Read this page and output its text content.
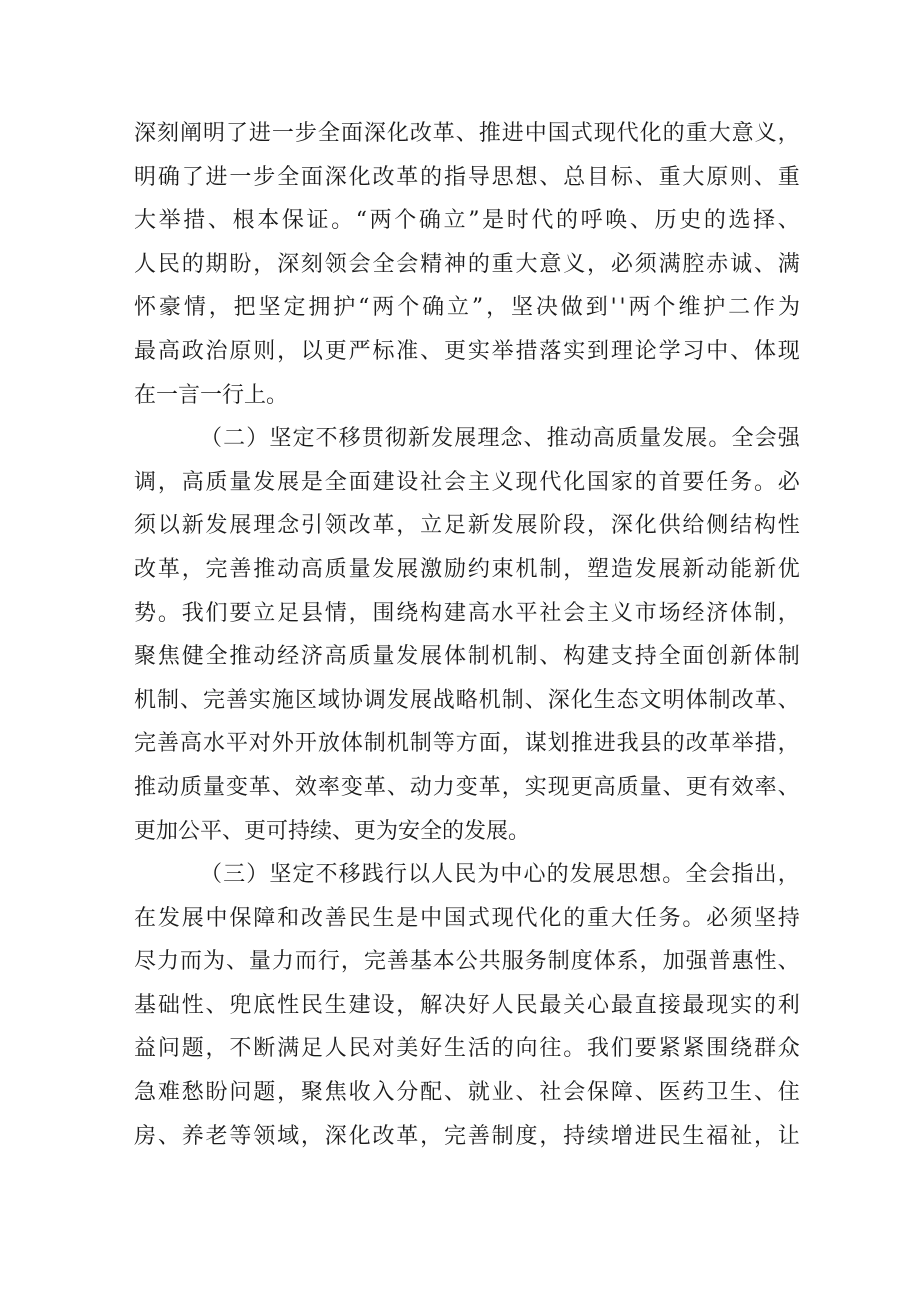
深 刻 阐 明 了 进 一 步 全 面 深 化 改 革 、 推 进 中 国 式 现 代 化 的 重 大 意 义 ，
明 确 了 进 一 步 全 面 深 化 改 革 的 指 导 思 想 、 总 目 标 、 重 大 原 则 、 重
大 举 措 、 根 本 保 证 。 “ 两 个 确 立 ” 是 时 代 的 呼 唤 、 历 史 的 选 择 、
人 民 的 期 盼 ， 深 刻 领 会 全 会 精 神 的 重 大 意 义 ， 必 须 满 腔 赤 诚 、 满
怀 豪 情 ， 把 坚 定 拥 护 “ 两 个 确 立 ” ， 坚 决 做 到 ' ' 两 个 维 护 二 作 为
最 高 政 治 原 则 ， 以 更 严 标 准 、 更 实 举 措 落 实 到 理 论 学 习 中 、 体 现
在一言一行上。
（ 二 ） 坚 定 不 移 贯 彻 新 发 展 理 念 、 推 动 高 质 量 发 展 。 全 会 强
调 ， 高 质 量 发 展 是 全 面 建 设 社 会 主 义 现 代 化 国 家 的 首 要 任 务 。 必
须 以 新 发 展 理 念 引 领 改 革 ， 立 足 新 发 展 阶 段 ， 深 化 供 给 侧 结 构 性
改 革 ， 完 善 推 动 高 质 量 发 展 激 励 约 束 机 制 ， 塑 造 发 展 新 动 能 新 优
势 。 我 们 要 立 足 县 情 ， 围 绕 构 建 高 水 平 社 会 主 义 市 场 经 济 体 制 ，
聚 焦 健 全 推 动 经 济 高 质 量 发 展 体 制 机 制 、 构 建 支 持 全 面 创 新 体 制
机 制 、 完 善 实 施 区 域 协 调 发 展 战 略 机 制 、 深 化 生 态 文 明 体 制 改 革 、
完 善 高 水 平 对 外 开 放 体 制 机 制 等 方 面 ， 谋 划 推 进 我 县 的 改 革 举 措 ，
推 动 质 量 变 革 、 效 率 变 革 、 动 力 变 革 ， 实 现 更 高 质 量 、 更 有 效 率 、
更加公平、更可持续、更为安全的发展。
（ 三 ） 坚 定 不 移 践 行 以 人 民 为 中 心 的 发 展 思 想 。 全 会 指 出 ，
在 发 展 中 保 障 和 改 善 民 生 是 中 国 式 现 代 化 的 重 大 任 务 。 必 须 坚 持
尽 力 而 为 、 量 力 而 行 ， 完 善 基 本 公 共 服 务 制 度 体 系 ， 加 强 普 惠 性 、
基 础 性 、 兜 底 性 民 生 建 设 ， 解 决 好 人 民 最 关 心 最 直 接 最 现 实 的 利
益 问 题 ， 不 断 满 足 人 民 对 美 好 生 活 的 向 往 。 我 们 要 紧 紧 围 绕 群 众
急 难 愁 盼 问 题 ， 聚 焦 收 入 分 配 、 就 业 、 社 会 保 障 、 医 药 卫 生 、 住
房 、 养 老 等 领 域 ， 深 化 改 革 ， 完 善 制 度 ， 持 续 增 进 民 生 福 祉 ， 让
